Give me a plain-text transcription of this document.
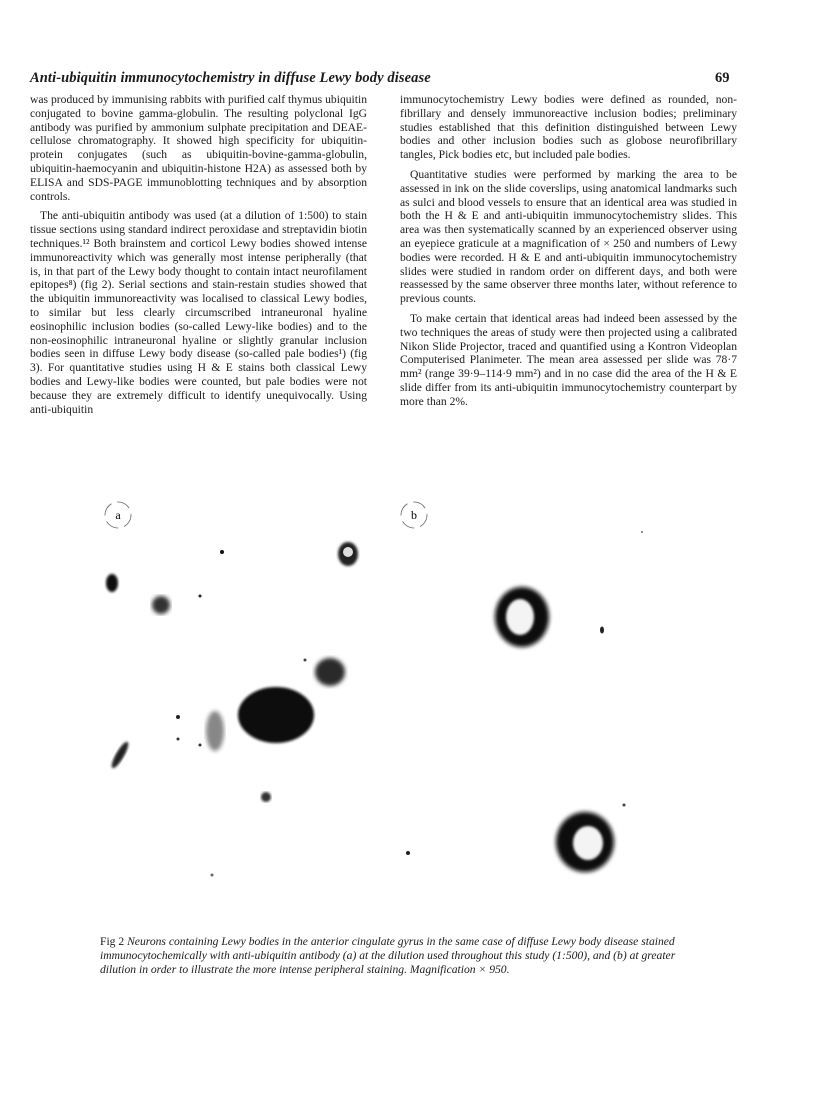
Anti-ubiquitin immunocytochemistry in diffuse Lewy body disease	69

was produced by immunising rabbits with purified calf thymus ubiquitin conjugated to bovine gamma-globulin. The resulting polyclonal IgG antibody was purified by ammonium sulphate precipitation and DEAE-cellulose chromatography. It showed high specificity for ubiquitin-protein conjugates (such as ubiquitin-bovine-gamma-globulin, ubiquitin-haemocyanin and ubiquitin-histone H2A) as assessed both by ELISA and SDS-PAGE immunoblotting techniques and by absorption controls.

The anti-ubiquitin antibody was used (at a dilution of 1:500) to stain tissue sections using standard indirect peroxidase and streptavidin biotin techniques.¹² Both brainstem and corticol Lewy bodies showed intense immunoreactivity which was generally most intense peripherally (that is, in that part of the Lewy body thought to contain intact neurofilament epitopes⁸) (fig 2). Serial sections and stain-restain studies showed that the ubiquitin immunoreactivity was localised to classical Lewy bodies, to similar but less clearly circumscribed intraneuronal hyaline eosinophilic inclusion bodies (so-called Lewy-like bodies) and to the non-eosinophilic intraneuronal hyaline or slightly granular inclusion bodies seen in diffuse Lewy body disease (so-called pale bodies¹) (fig 3). For quantitative studies using H & E stains both classical Lewy bodies and Lewy-like bodies were counted, but pale bodies were not because they are extremely difficult to identify unequivocally. Using anti-ubiquitin

immunocytochemistry Lewy bodies were defined as rounded, non-fibrillary and densely immunoreactive inclusion bodies; preliminary studies established that this definition distinguished between Lewy bodies and other inclusion bodies such as globose neurofibrillary tangles, Pick bodies etc, but included pale bodies.

Quantitative studies were performed by marking the area to be assessed in ink on the slide coverslips, using anatomical landmarks such as sulci and blood vessels to ensure that an identical area was studied in both the H & E and anti-ubiquitin immunocytochemistry slides. This area was then systematically scanned by an experienced observer using an eyepiece graticule at a magnification of × 250 and numbers of Lewy bodies were recorded. H & E and anti-ubiquitin immunocytochemistry slides were studied in random order on different days, and both were reassessed by the same observer three months later, without reference to previous counts.

To make certain that identical areas had indeed been assessed by the two techniques the areas of study were then projected using a calibrated Nikon Slide Projector, traced and quantified using a Kontron Videoplan Computerised Planimeter. The mean area assessed per slide was 78·7 mm² (range 39·9–114·9 mm²) and in no case did the area of the H & E slide differ from its anti-ubiquitin immunocytochemistry counterpart by more than 2%.

a	b
Fig 2 Neurons containing Lewy bodies in the anterior cingulate gyrus in the same case of diffuse Lewy body disease stained immunocytochemically with anti-ubiquitin antibody (a) at the dilution used throughout this study (1:500), and (b) at greater dilution in order to illustrate the more intense peripheral staining. Magnification × 950.
